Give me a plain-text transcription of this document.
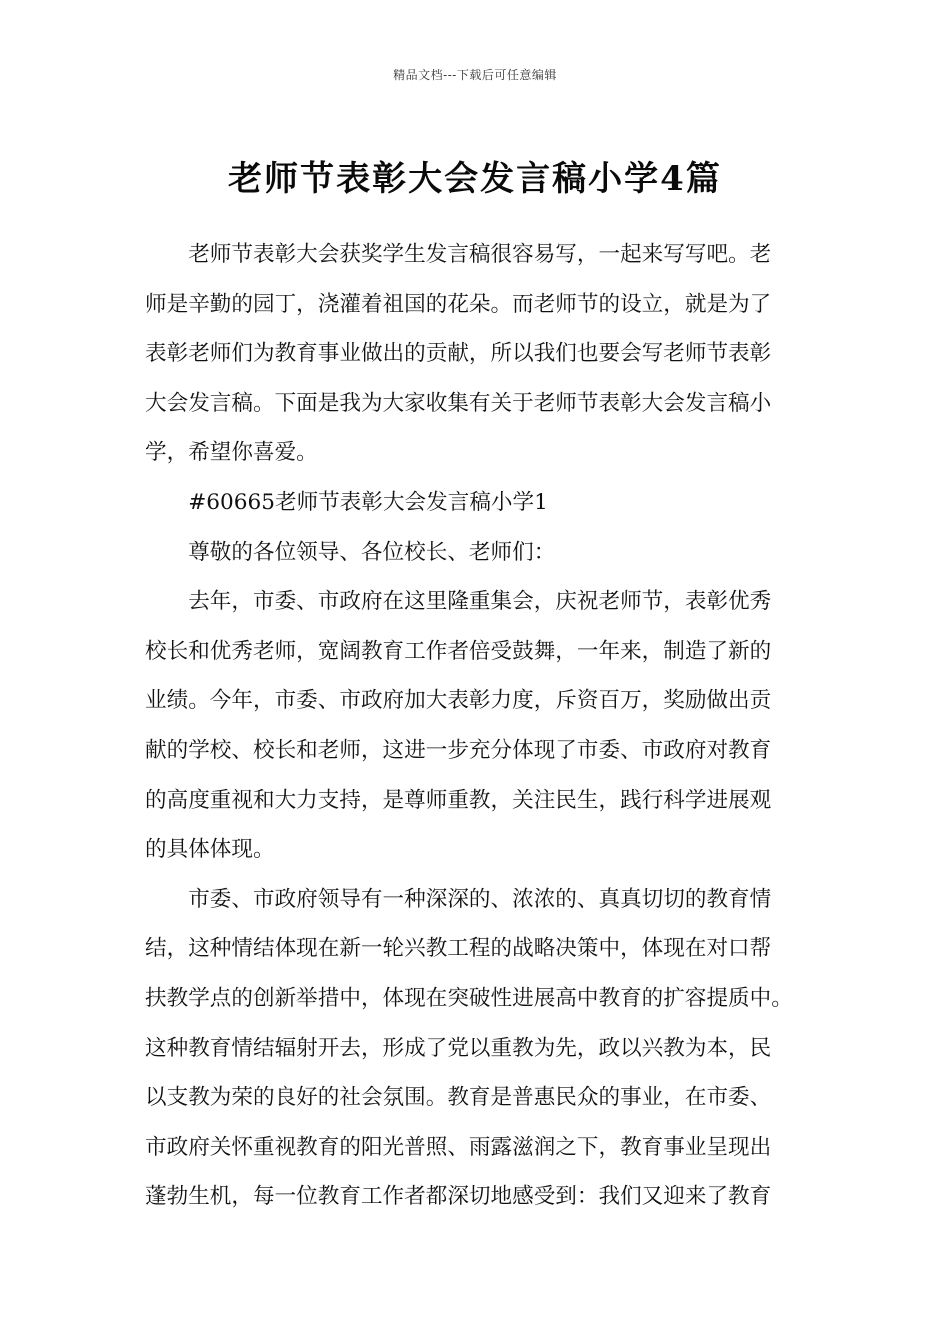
精品文档---下载后可任意编辑
老师节表彰大会发言稿小学4篇

老师节表彰大会获奖学生发言稿很容易写，一起来写写吧。老
师是辛勤的园丁，浇灌着祖国的花朵。而老师节的设立，就是为了
表彰老师们为教育事业做出的贡献，所以我们也要会写老师节表彰
大会发言稿。下面是我为大家收集有关于老师节表彰大会发言稿小
学，希望你喜爱。

#60665老师节表彰大会发言稿小学1

尊敬的各位领导、各位校长、老师们：

去年，市委、市政府在这里隆重集会，庆祝老师节，表彰优秀
校长和优秀老师，宽阔教育工作者倍受鼓舞，一年来，制造了新的
业绩。今年，市委、市政府加大表彰力度，斥资百万，奖励做出贡
献的学校、校长和老师，这进一步充分体现了市委、市政府对教育
的高度重视和大力支持，是尊师重教，关注民生，践行科学进展观
的具体体现。

市委、市政府领导有一种深深的、浓浓的、真真切切的教育情
结，这种情结体现在新一轮兴教工程的战略决策中，体现在对口帮
扶教学点的创新举措中，体现在突破性进展高中教育的扩容提质中。
这种教育情结辐射开去，形成了党以重教为先，政以兴教为本，民
以支教为荣的良好的社会氛围。教育是普惠民众的事业，在市委、
市政府关怀重视教育的阳光普照、雨露滋润之下，教育事业呈现出
蓬勃生机，每一位教育工作者都深切地感受到：我们又迎来了教育
